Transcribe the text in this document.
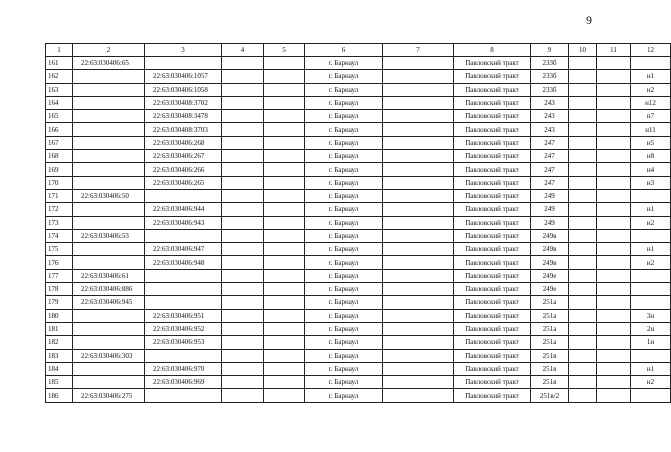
9
1	2	3	4	5	6	7	8	9	10	11	12
161	22:63:030406:65				г. Барнаул		Павловский тракт	233б			
162		22:63:030406:1057			г. Барнаул		Павловский тракт	233б			н1
163		22:63:030406:1058			г. Барнаул		Павловский тракт	233б			н2
164		22:63:030408:3702			г. Барнаул		Павловский тракт	243			н12
165		22:63:030408:3478			г. Барнаул		Павловский тракт	243			н7
166		22:63:030408:3703			г. Барнаул		Павловский тракт	243			н11
167		22:63:030406:268			г. Барнаул		Павловский тракт	247			н5
168		22:63:030406:267			г. Барнаул		Павловский тракт	247			н8
169		22:63:030406:266			г. Барнаул		Павловский тракт	247			н4
170		22:63:030406:265			г. Барнаул		Павловский тракт	247			н3
171	22:63:030406:50				г. Барнаул		Павловский тракт	249			
172		22:63:030406:944			г. Барнаул		Павловский тракт	249			н1
173		22:63:030406:943			г. Барнаул		Павловский тракт	249			н2
174	22:63:030406:53				г. Барнаул		Павловский тракт	249в			
175		22:63:030406:947			г. Барнаул		Павловский тракт	249в			н1
176		22:63:030406:948			г. Барнаул		Павловский тракт	249в			н2
177	22:63:030406:61				г. Барнаул		Павловский тракт	249е			
178	22:63:030406:886				г. Барнаул		Павловский тракт	249е			
179	22:63:030406:945				г. Барнаул		Павловский тракт	251а			
180		22:63:030406:951			г. Барнаул		Павловский тракт	251а			3н
181		22:63:030406:952			г. Барнаул		Павловский тракт	251а			2н
182		22:63:030406:953			г. Барнаул		Павловский тракт	251а			1н
183	22:63:030406:303				г. Барнаул		Павловский тракт	251в			
184		22:63:030406:970			г. Барнаул		Павловский тракт	251в			н1
185		22:63:030406:969			г. Барнаул		Павловский тракт	251в			н2
186	22:63:030406:275				г. Барнаул		Павловский тракт	251в/2			
